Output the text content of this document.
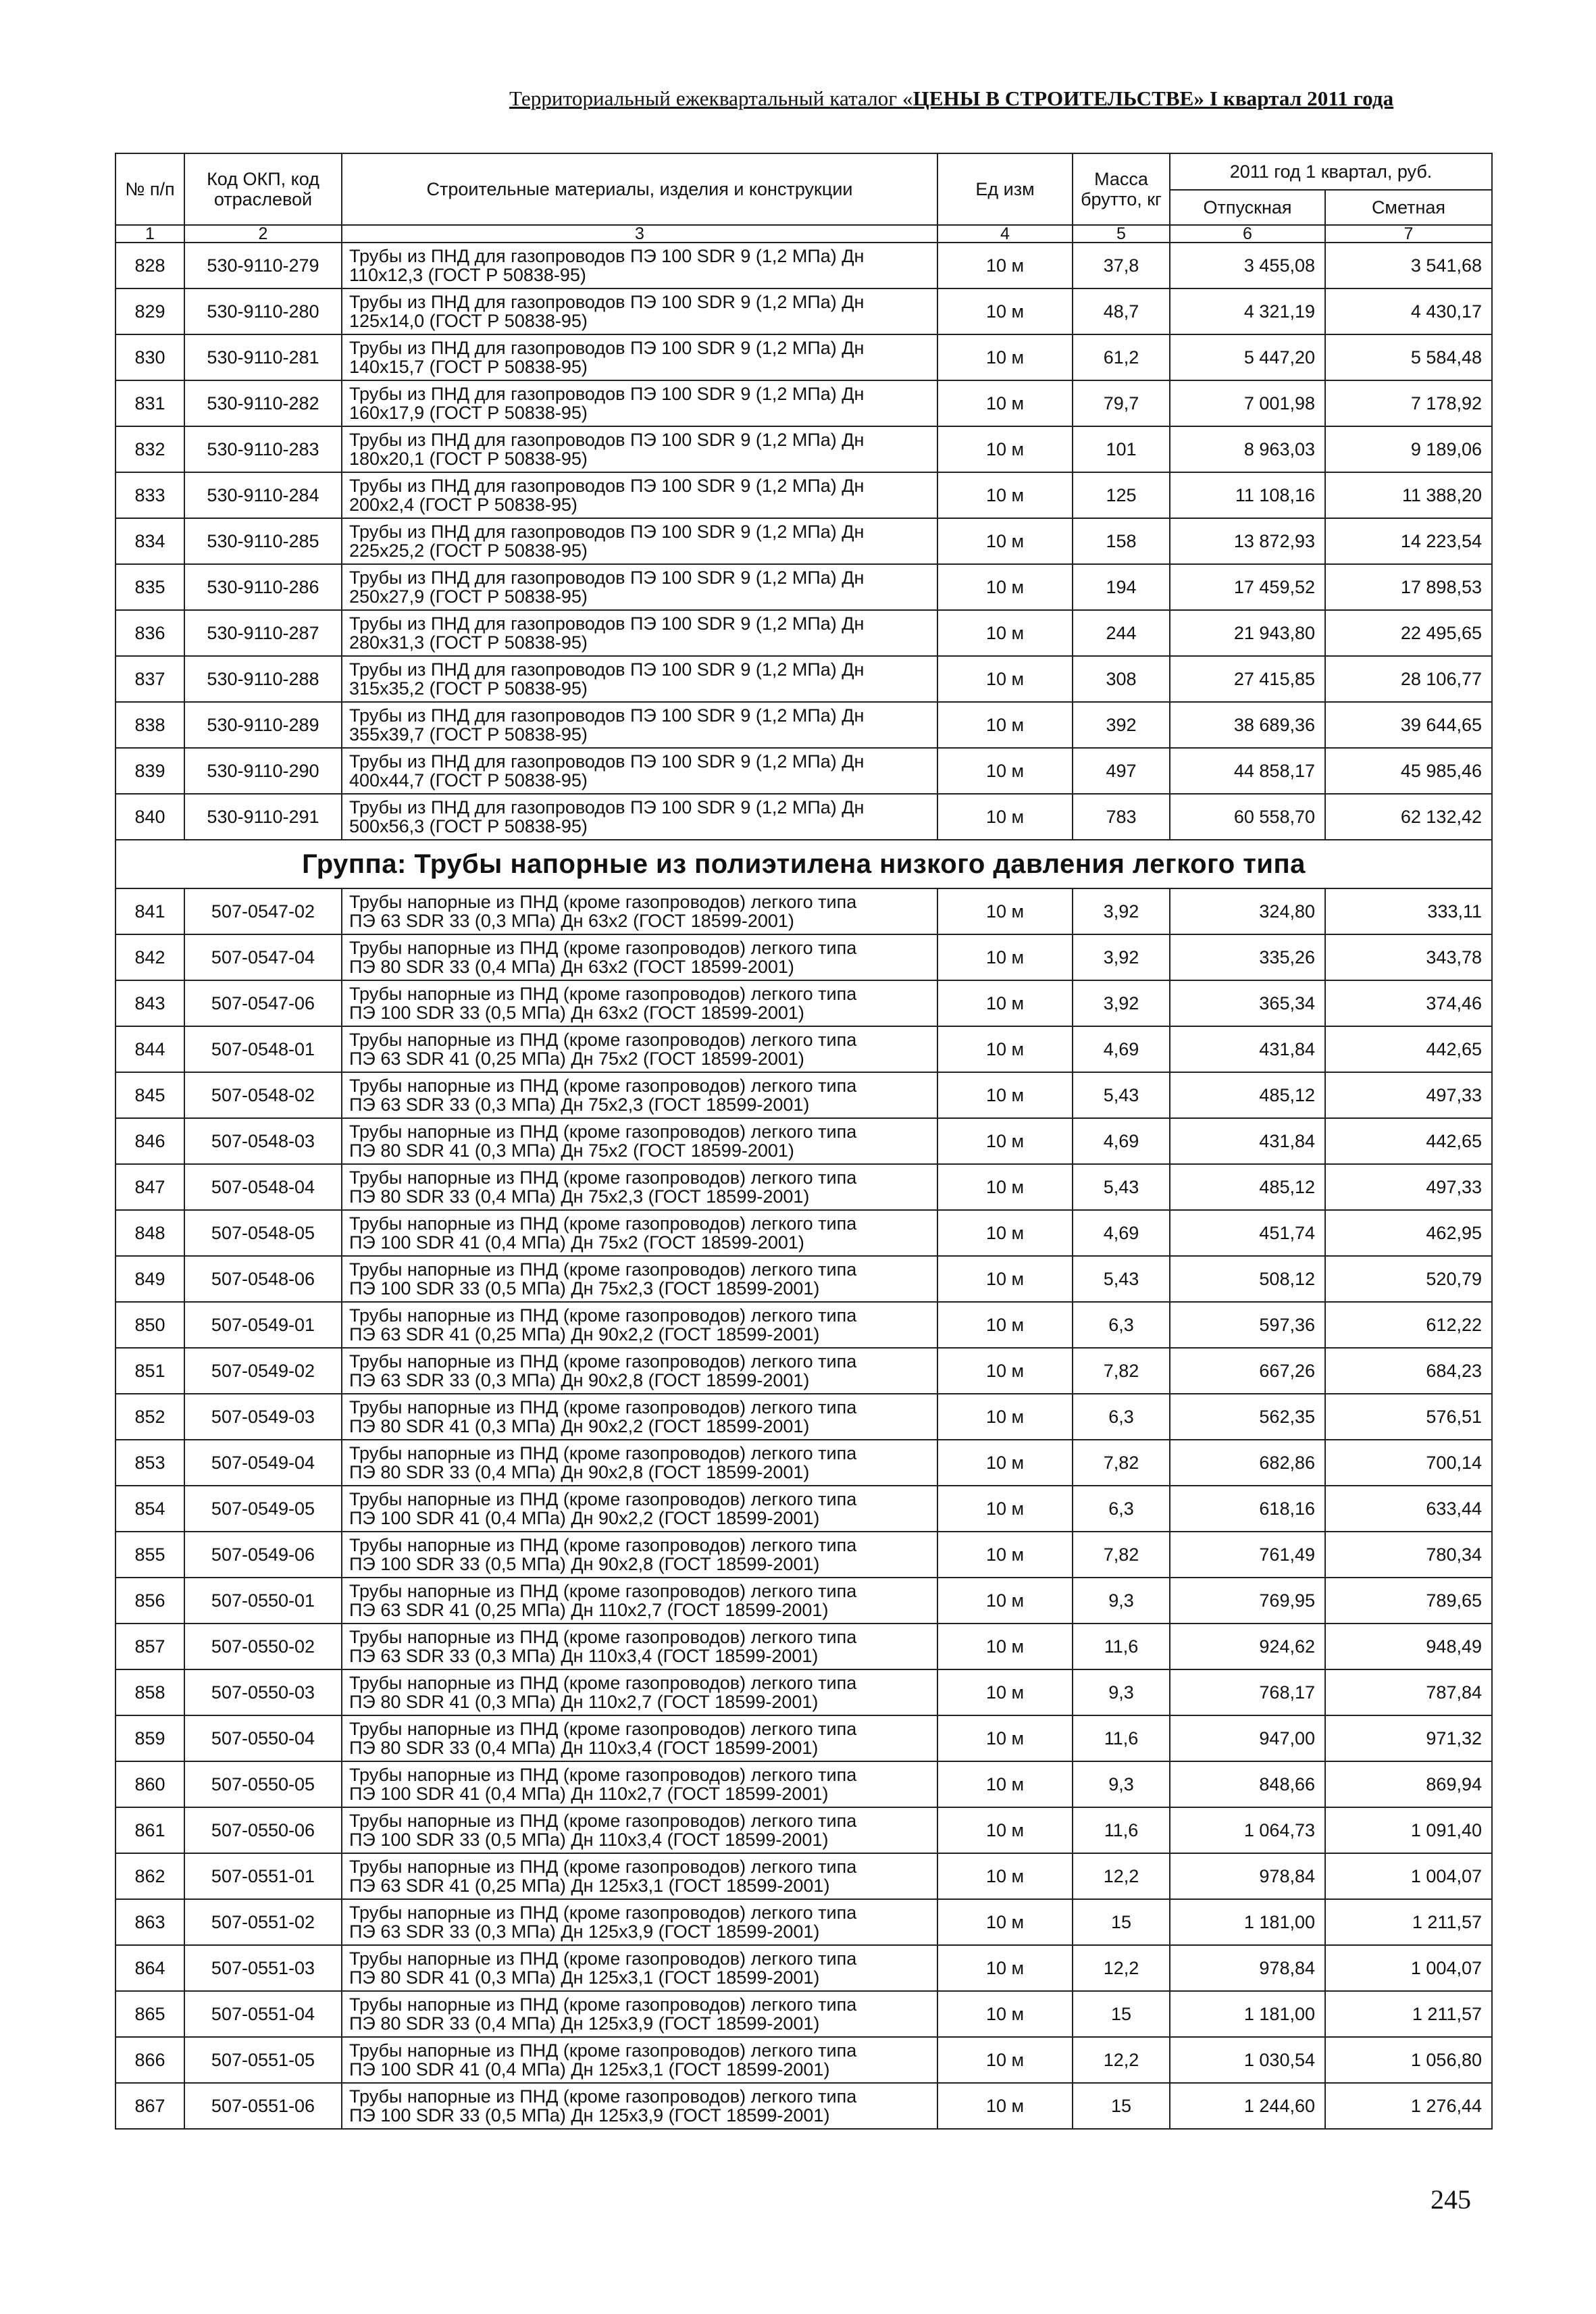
Территориальный ежеквартальный каталог «ЦЕНЫ В СТРОИТЕЛЬСТВЕ» I квартал 2011 года
№ п/п	Код ОКП, код отраслевой	Строительные материалы, изделия и конструкции	Ед изм	Масса брутто, кг	2011 год 1 квартал, руб.	
					Отпускная	Сметная
1	2	3	4	5	6	7
828	530-9110-279	Трубы из ПНД для газопроводов ПЭ 100 SDR 9 (1,2 МПа) Дн
110x12,3 (ГОСТ Р 50838-95)	10 м	37,8	3 455,08	3 541,68
829	530-9110-280	Трубы из ПНД для газопроводов ПЭ 100 SDR 9 (1,2 МПа) Дн
125x14,0 (ГОСТ Р 50838-95)	10 м	48,7	4 321,19	4 430,17
830	530-9110-281	Трубы из ПНД для газопроводов ПЭ 100 SDR 9 (1,2 МПа) Дн
140x15,7 (ГОСТ Р 50838-95)	10 м	61,2	5 447,20	5 584,48
831	530-9110-282	Трубы из ПНД для газопроводов ПЭ 100 SDR 9 (1,2 МПа) Дн
160x17,9 (ГОСТ Р 50838-95)	10 м	79,7	7 001,98	7 178,92
832	530-9110-283	Трубы из ПНД для газопроводов ПЭ 100 SDR 9 (1,2 МПа) Дн
180x20,1 (ГОСТ Р 50838-95)	10 м	101	8 963,03	9 189,06
833	530-9110-284	Трубы из ПНД для газопроводов ПЭ 100 SDR 9 (1,2 МПа) Дн
200x2,4 (ГОСТ Р 50838-95)	10 м	125	11 108,16	11 388,20
834	530-9110-285	Трубы из ПНД для газопроводов ПЭ 100 SDR 9 (1,2 МПа) Дн
225x25,2 (ГОСТ Р 50838-95)	10 м	158	13 872,93	14 223,54
835	530-9110-286	Трубы из ПНД для газопроводов ПЭ 100 SDR 9 (1,2 МПа) Дн
250x27,9 (ГОСТ Р 50838-95)	10 м	194	17 459,52	17 898,53
836	530-9110-287	Трубы из ПНД для газопроводов ПЭ 100 SDR 9 (1,2 МПа) Дн
280x31,3 (ГОСТ Р 50838-95)	10 м	244	21 943,80	22 495,65
837	530-9110-288	Трубы из ПНД для газопроводов ПЭ 100 SDR 9 (1,2 МПа) Дн
315x35,2 (ГОСТ Р 50838-95)	10 м	308	27 415,85	28 106,77
838	530-9110-289	Трубы из ПНД для газопроводов ПЭ 100 SDR 9 (1,2 МПа) Дн
355x39,7 (ГОСТ Р 50838-95)	10 м	392	38 689,36	39 644,65
839	530-9110-290	Трубы из ПНД для газопроводов ПЭ 100 SDR 9 (1,2 МПа) Дн
400x44,7 (ГОСТ Р 50838-95)	10 м	497	44 858,17	45 985,46
840	530-9110-291	Трубы из ПНД для газопроводов ПЭ 100 SDR 9 (1,2 МПа) Дн
500x56,3 (ГОСТ Р 50838-95)	10 м	783	60 558,70	62 132,42
Группа: Трубы напорные из полиэтилена низкого давления легкого типа						
841	507-0547-02	Трубы напорные из ПНД (кроме газопроводов) легкого типа
ПЭ 63 SDR 33 (0,3 МПа) Дн 63x2 (ГОСТ 18599-2001)	10 м	3,92	324,80	333,11
842	507-0547-04	Трубы напорные из ПНД (кроме газопроводов) легкого типа
ПЭ 80 SDR 33 (0,4 МПа) Дн 63x2 (ГОСТ 18599-2001)	10 м	3,92	335,26	343,78
843	507-0547-06	Трубы напорные из ПНД (кроме газопроводов) легкого типа
ПЭ 100 SDR 33 (0,5 МПа) Дн 63x2 (ГОСТ 18599-2001)	10 м	3,92	365,34	374,46
844	507-0548-01	Трубы напорные из ПНД (кроме газопроводов) легкого типа
ПЭ 63 SDR 41 (0,25 МПа) Дн 75x2 (ГОСТ 18599-2001)	10 м	4,69	431,84	442,65
845	507-0548-02	Трубы напорные из ПНД (кроме газопроводов) легкого типа
ПЭ 63 SDR 33 (0,3 МПа) Дн 75x2,3 (ГОСТ 18599-2001)	10 м	5,43	485,12	497,33
846	507-0548-03	Трубы напорные из ПНД (кроме газопроводов) легкого типа
ПЭ 80 SDR 41 (0,3 МПа) Дн 75x2 (ГОСТ 18599-2001)	10 м	4,69	431,84	442,65
847	507-0548-04	Трубы напорные из ПНД (кроме газопроводов) легкого типа
ПЭ 80 SDR 33 (0,4 МПа) Дн 75x2,3 (ГОСТ 18599-2001)	10 м	5,43	485,12	497,33
848	507-0548-05	Трубы напорные из ПНД (кроме газопроводов) легкого типа
ПЭ 100 SDR 41 (0,4 МПа) Дн 75x2 (ГОСТ 18599-2001)	10 м	4,69	451,74	462,95
849	507-0548-06	Трубы напорные из ПНД (кроме газопроводов) легкого типа
ПЭ 100 SDR 33 (0,5 МПа) Дн 75x2,3 (ГОСТ 18599-2001)	10 м	5,43	508,12	520,79
850	507-0549-01	Трубы напорные из ПНД (кроме газопроводов) легкого типа
ПЭ 63 SDR 41 (0,25 МПа) Дн 90x2,2 (ГОСТ 18599-2001)	10 м	6,3	597,36	612,22
851	507-0549-02	Трубы напорные из ПНД (кроме газопроводов) легкого типа
ПЭ 63 SDR 33 (0,3 МПа) Дн 90x2,8 (ГОСТ 18599-2001)	10 м	7,82	667,26	684,23
852	507-0549-03	Трубы напорные из ПНД (кроме газопроводов) легкого типа
ПЭ 80 SDR 41 (0,3 МПа) Дн 90x2,2 (ГОСТ 18599-2001)	10 м	6,3	562,35	576,51
853	507-0549-04	Трубы напорные из ПНД (кроме газопроводов) легкого типа
ПЭ 80 SDR 33 (0,4 МПа) Дн 90x2,8 (ГОСТ 18599-2001)	10 м	7,82	682,86	700,14
854	507-0549-05	Трубы напорные из ПНД (кроме газопроводов) легкого типа
ПЭ 100 SDR 41 (0,4 МПа) Дн 90x2,2 (ГОСТ 18599-2001)	10 м	6,3	618,16	633,44
855	507-0549-06	Трубы напорные из ПНД (кроме газопроводов) легкого типа
ПЭ 100 SDR 33 (0,5 МПа) Дн 90x2,8 (ГОСТ 18599-2001)	10 м	7,82	761,49	780,34
856	507-0550-01	Трубы напорные из ПНД (кроме газопроводов) легкого типа
ПЭ 63 SDR 41 (0,25 МПа) Дн 110x2,7 (ГОСТ 18599-2001)	10 м	9,3	769,95	789,65
857	507-0550-02	Трубы напорные из ПНД (кроме газопроводов) легкого типа
ПЭ 63 SDR 33 (0,3 МПа) Дн 110x3,4 (ГОСТ 18599-2001)	10 м	11,6	924,62	948,49
858	507-0550-03	Трубы напорные из ПНД (кроме газопроводов) легкого типа
ПЭ 80 SDR 41 (0,3 МПа) Дн 110x2,7 (ГОСТ 18599-2001)	10 м	9,3	768,17	787,84
859	507-0550-04	Трубы напорные из ПНД (кроме газопроводов) легкого типа
ПЭ 80 SDR 33 (0,4 МПа) Дн 110x3,4 (ГОСТ 18599-2001)	10 м	11,6	947,00	971,32
860	507-0550-05	Трубы напорные из ПНД (кроме газопроводов) легкого типа
ПЭ 100 SDR 41 (0,4 МПа) Дн 110x2,7 (ГОСТ 18599-2001)	10 м	9,3	848,66	869,94
861	507-0550-06	Трубы напорные из ПНД (кроме газопроводов) легкого типа
ПЭ 100 SDR 33 (0,5 МПа) Дн 110x3,4 (ГОСТ 18599-2001)	10 м	11,6	1 064,73	1 091,40
862	507-0551-01	Трубы напорные из ПНД (кроме газопроводов) легкого типа
ПЭ 63 SDR 41 (0,25 МПа) Дн 125x3,1 (ГОСТ 18599-2001)	10 м	12,2	978,84	1 004,07
863	507-0551-02	Трубы напорные из ПНД (кроме газопроводов) легкого типа
ПЭ 63 SDR 33 (0,3 МПа) Дн 125x3,9 (ГОСТ 18599-2001)	10 м	15	1 181,00	1 211,57
864	507-0551-03	Трубы напорные из ПНД (кроме газопроводов) легкого типа
ПЭ 80 SDR 41 (0,3 МПа) Дн 125x3,1 (ГОСТ 18599-2001)	10 м	12,2	978,84	1 004,07
865	507-0551-04	Трубы напорные из ПНД (кроме газопроводов) легкого типа
ПЭ 80 SDR 33 (0,4 МПа) Дн 125x3,9 (ГОСТ 18599-2001)	10 м	15	1 181,00	1 211,57
866	507-0551-05	Трубы напорные из ПНД (кроме газопроводов) легкого типа
ПЭ 100 SDR 41 (0,4 МПа) Дн 125x3,1 (ГОСТ 18599-2001)	10 м	12,2	1 030,54	1 056,80
867	507-0551-06	Трубы напорные из ПНД (кроме газопроводов) легкого типа
ПЭ 100 SDR 33 (0,5 МПа) Дн 125x3,9 (ГОСТ 18599-2001)	10 м	15	1 244,60	1 276,44
245
